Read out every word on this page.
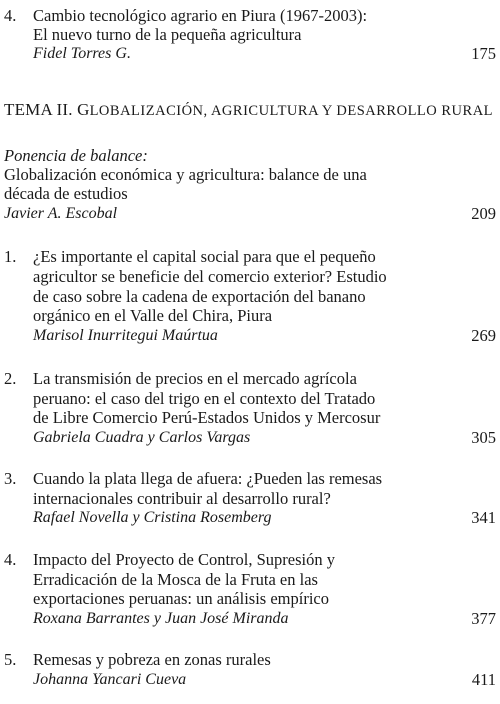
4. Cambio tecnológico agrario en Piura (1967-2003):
El nuevo turno de la pequeña agricultura
Fidel Torres G.	175
TEMA II. GLOBALIZACIÓN, AGRICULTURA Y DESARROLLO RURAL
Ponencia de balance:
Globalización económica y agricultura: balance de una
década de estudios
Javier A. Escobal	209
1. ¿Es importante el capital social para que el pequeño
agricultor se beneficie del comercio exterior? Estudio
de caso sobre la cadena de exportación del banano
orgánico en el Valle del Chira, Piura
Marisol Inurritegui Maúrtua	269
2. La transmisión de precios en el mercado agrícola
peruano: el caso del trigo en el contexto del Tratado
de Libre Comercio Perú-Estados Unidos y Mercosur
Gabriela Cuadra y Carlos Vargas	305
3. Cuando la plata llega de afuera: ¿Pueden las remesas
internacionales contribuir al desarrollo rural?
Rafael Novella y Cristina Rosemberg	341
4. Impacto del Proyecto de Control, Supresión y
Erradicación de la Mosca de la Fruta en las
exportaciones peruanas: un análisis empírico
Roxana Barrantes y Juan José Miranda	377
5. Remesas y pobreza en zonas rurales
Johanna Yancari Cueva	411
